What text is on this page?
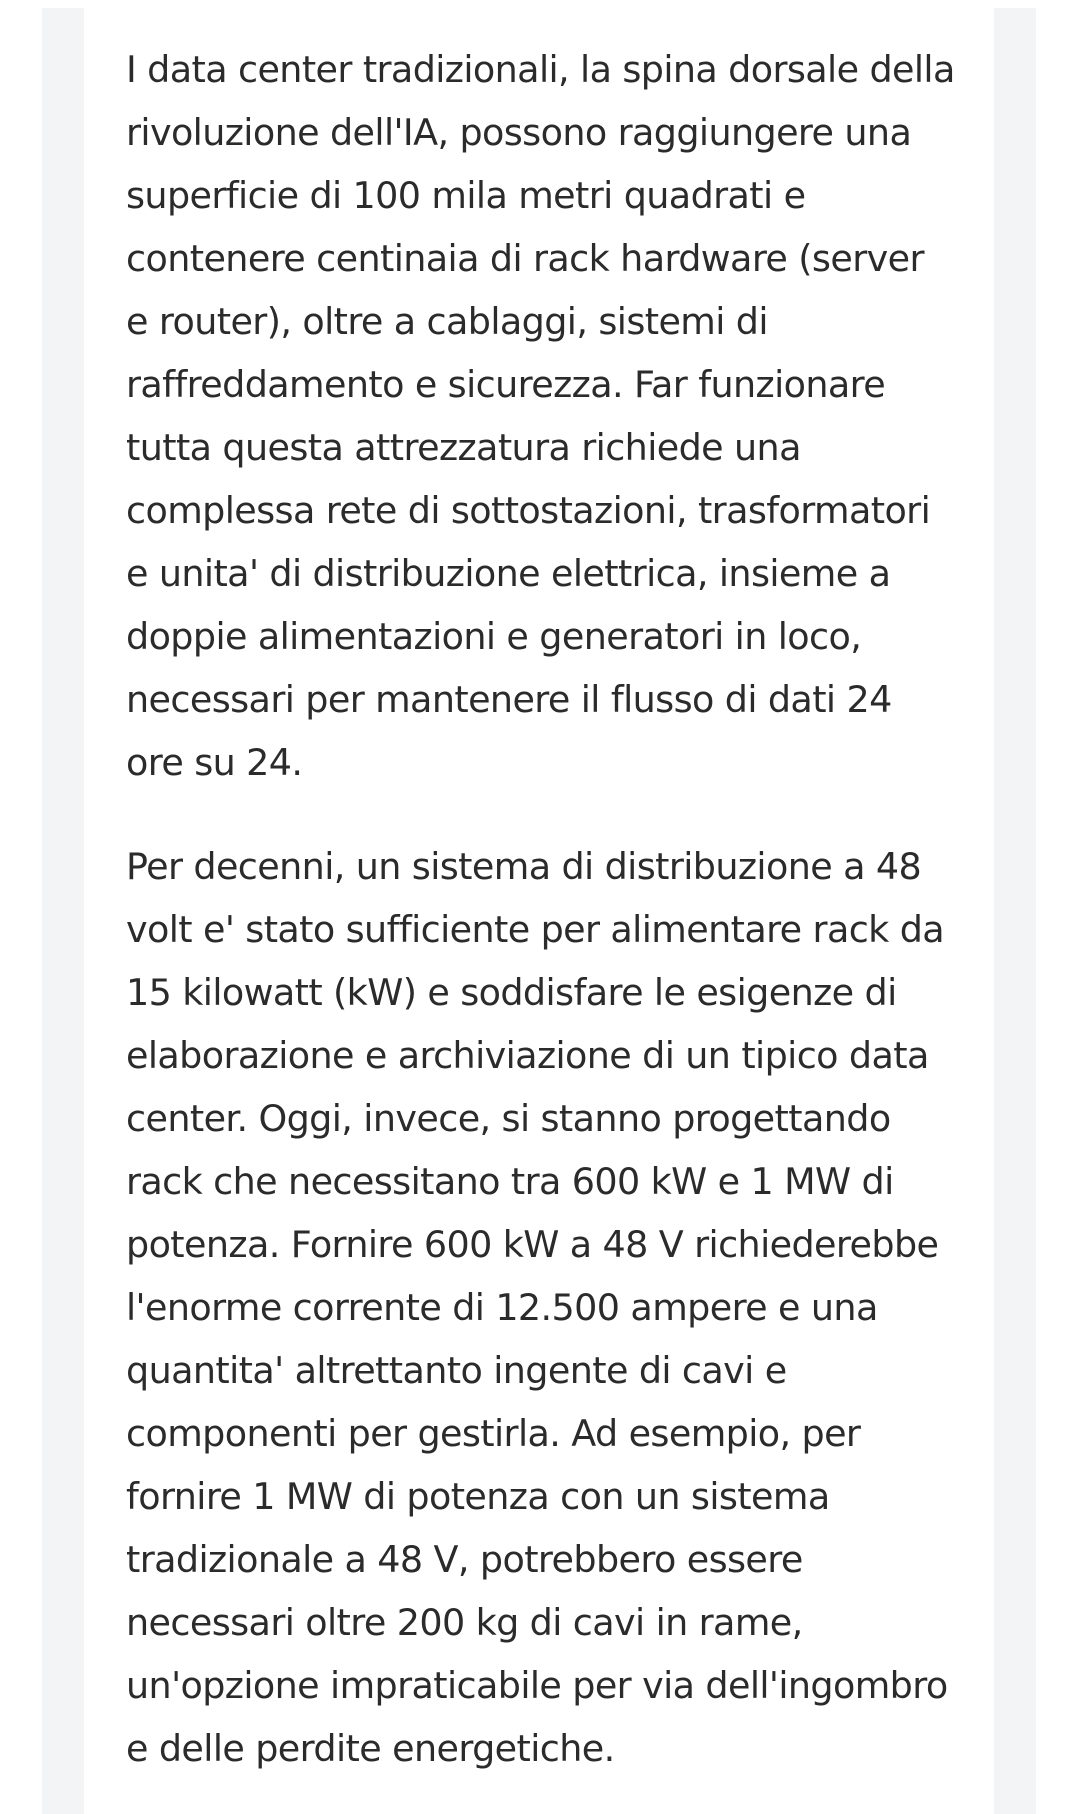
I data center tradizionali, la spina dorsale della rivoluzione dell'IA, possono raggiungere una superficie di 100 mila metri quadrati e contenere centinaia di rack hardware (server e router), oltre a cablaggi, sistemi di raffreddamento e sicurezza. Far funzionare tutta questa attrezzatura richiede una complessa rete di sottostazioni, trasformatori e unita' di distribuzione elettrica, insieme a doppie alimentazioni e generatori in loco, necessari per mantenere il flusso di dati 24 ore su 24.

Per decenni, un sistema di distribuzione a 48 volt e' stato sufficiente per alimentare rack da 15 kilowatt (kW) e soddisfare le esigenze di elaborazione e archiviazione di un tipico data center. Oggi, invece, si stanno progettando rack che necessitano tra 600 kW e 1 MW di potenza. Fornire 600 kW a 48 V richiederebbe l'enorme corrente di 12.500 ampere e una quantita' altrettanto ingente di cavi e componenti per gestirla. Ad esempio, per fornire 1 MW di potenza con un sistema tradizionale a 48 V, potrebbero essere necessari oltre 200 kg di cavi in rame, un'opzione impraticabile per via dell'ingombro e delle perdite energetiche.
